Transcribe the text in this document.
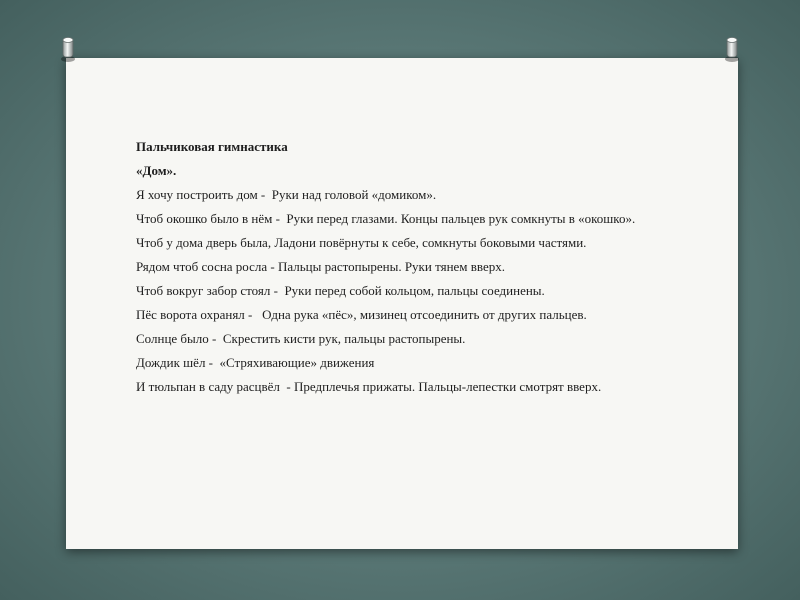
Пальчиковая гимнастика

«Дом».

Я хочу построить дом -  Руки над головой «домиком».

Чтоб окошко было в нём -  Руки перед глазами. Концы пальцев рук сомкнуты в «окошко».

Чтоб у дома дверь была, Ладони повёрнуты к себе, сомкнуты боковыми частями.

Рядом чтоб сосна росла - Пальцы растопырены. Руки тянем вверх.

Чтоб вокруг забор стоял -  Руки перед собой кольцом, пальцы соединены.

Пёс ворота охранял -   Одна рука «пёс», мизинец отсоединить от других пальцев.

Солнце было -  Скрестить кисти рук, пальцы растопырены.

Дождик шёл -  «Стряхивающие» движения

И тюльпан в саду расцвёл  - Предплечья прижаты. Пальцы-лепестки смотрят вверх.
